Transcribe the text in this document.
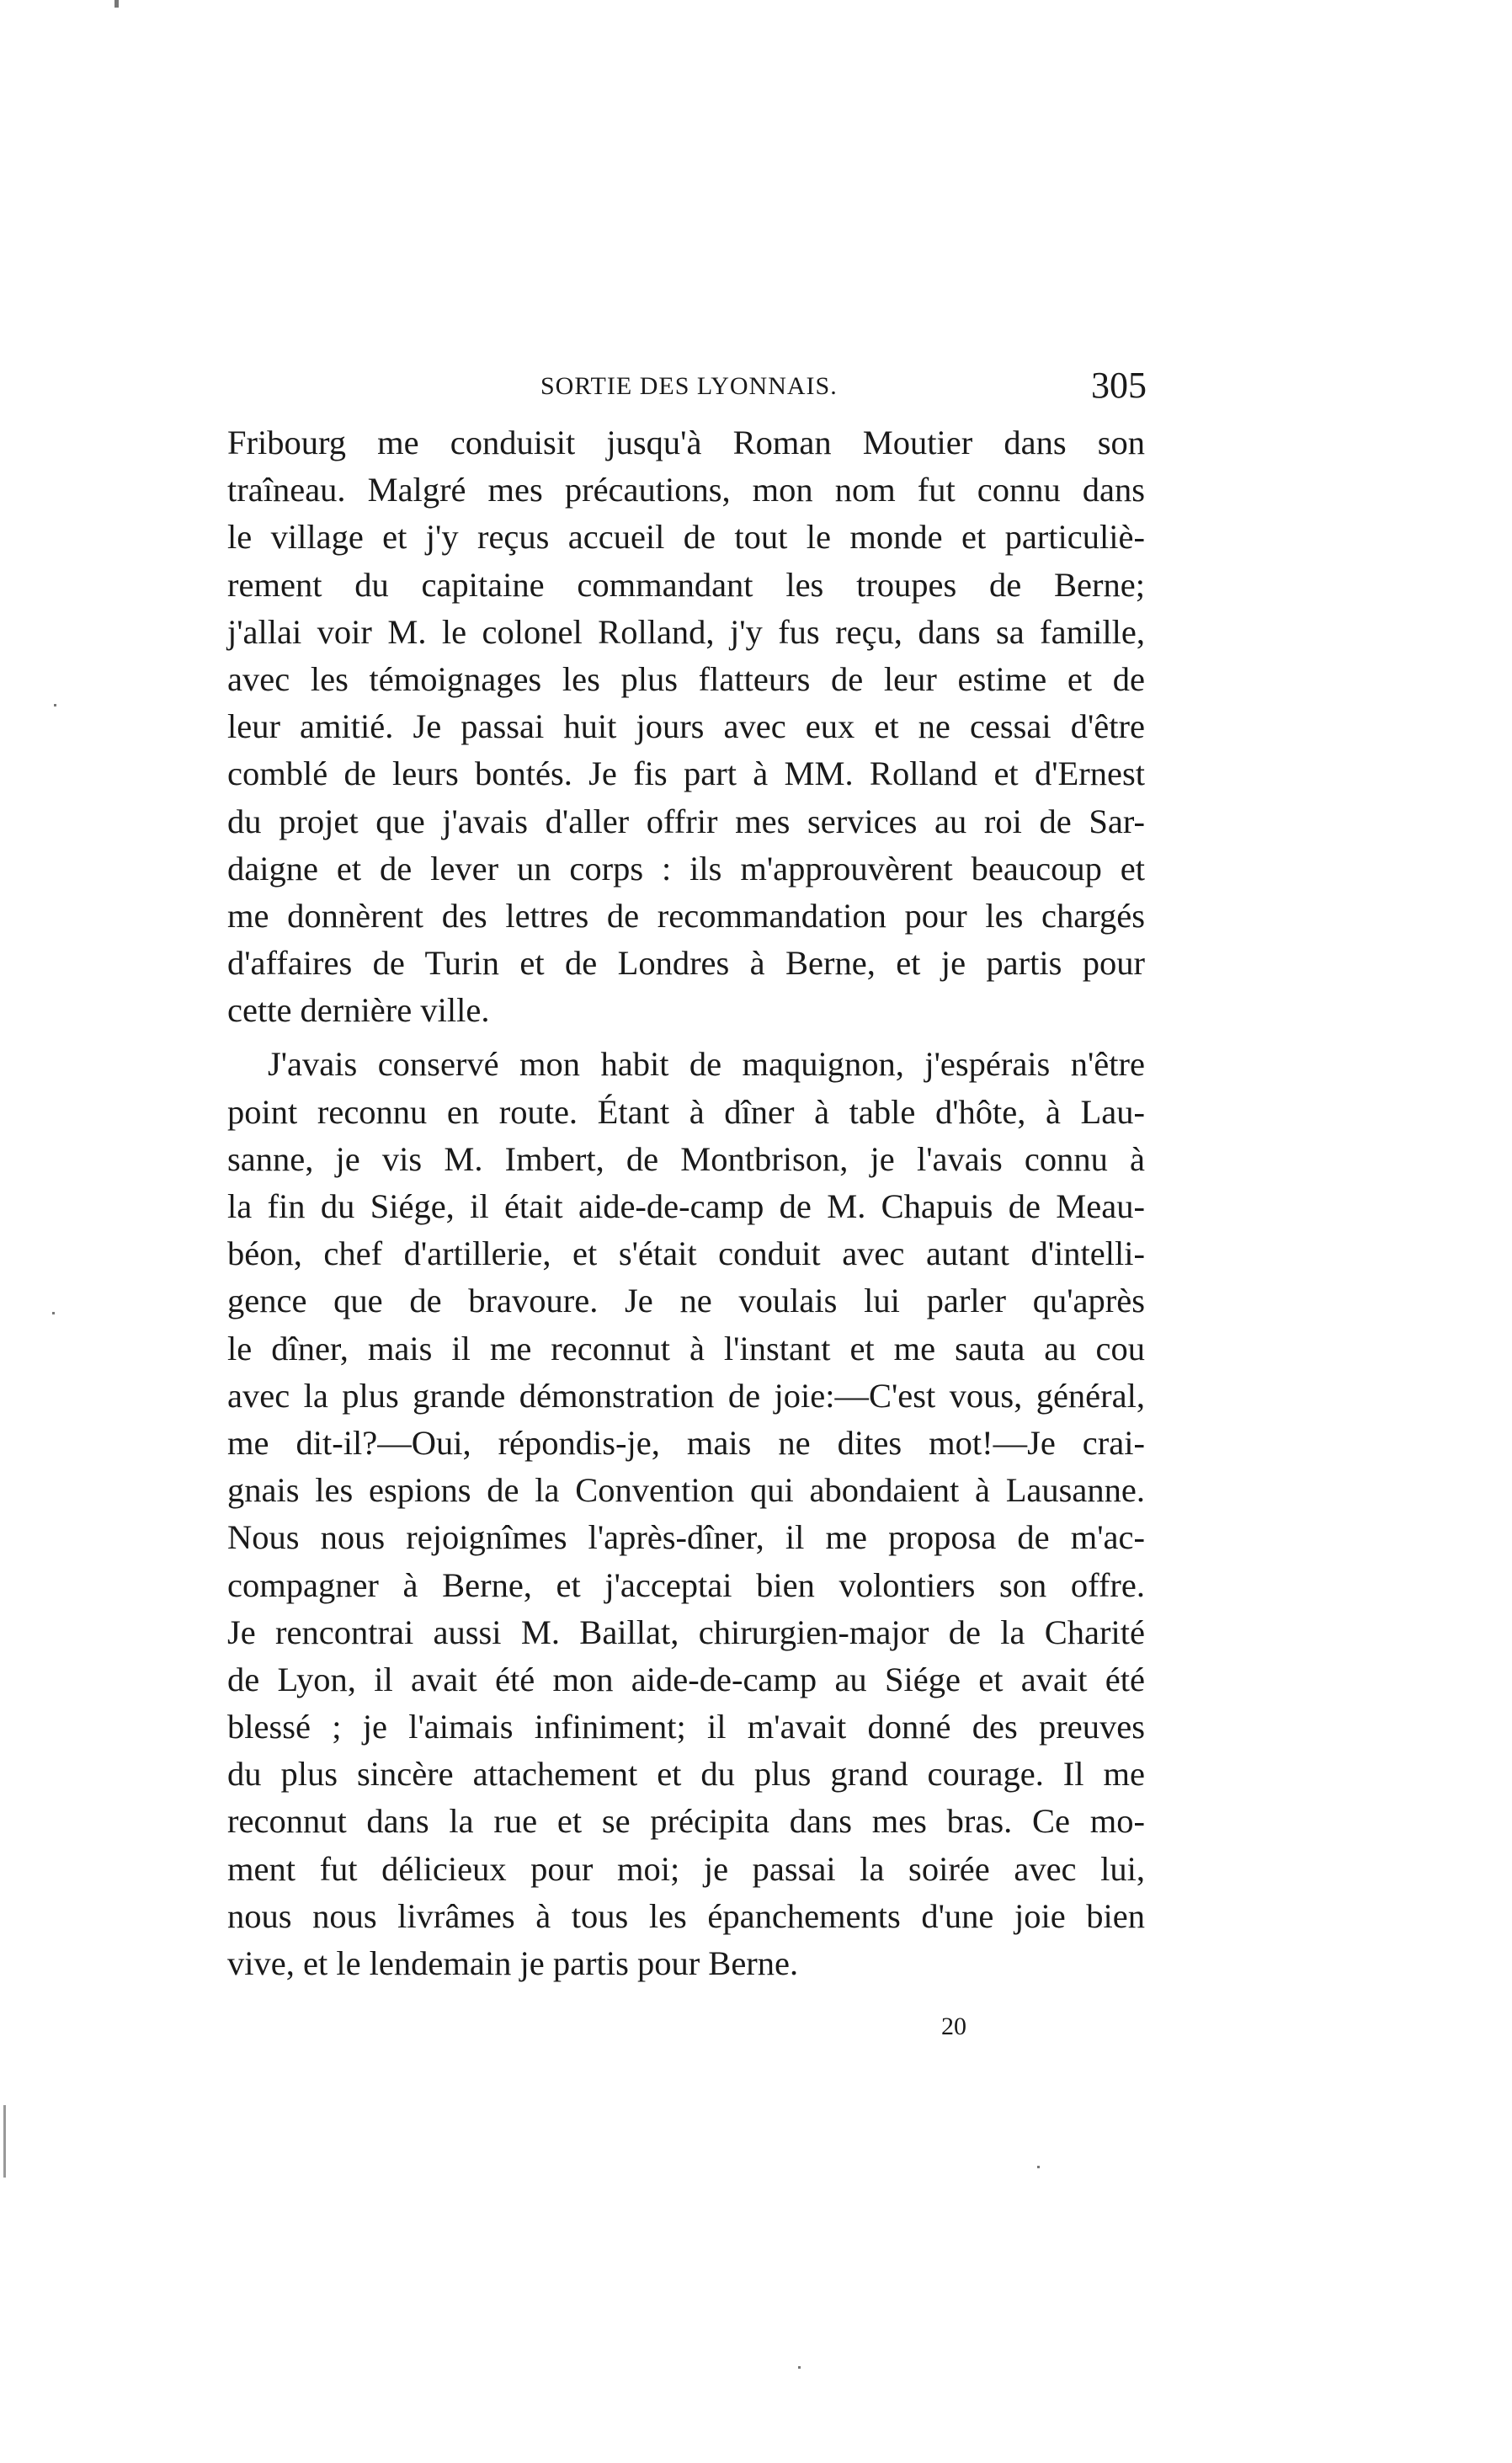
SORTIE DES LYONNAIS.	305
Fribourg me conduisit jusqu'à Roman Moutier dans son
traîneau. Malgré mes précautions, mon nom fut connu dans
le village et j'y reçus accueil de tout le monde et particuliè-
rement du capitaine commandant les troupes de Berne;
j'allai voir M. le colonel Rolland, j'y fus reçu, dans sa famille,
avec les témoignages les plus flatteurs de leur estime et de
leur amitié. Je passai huit jours avec eux et ne cessai d'être
comblé de leurs bontés. Je fis part à MM. Rolland et d'Ernest
du projet que j'avais d'aller offrir mes services au roi de Sar-
daigne et de lever un corps : ils m'approuvèrent beaucoup et
me donnèrent des lettres de recommandation pour les chargés
d'affaires de Turin et de Londres à Berne, et je partis pour
cette dernière ville.
J'avais conservé mon habit de maquignon, j'espérais n'être
point reconnu en route. Étant à dîner à table d'hôte, à Lau-
sanne, je vis M. Imbert, de Montbrison, je l'avais connu à
la fin du Siége, il était aide-de-camp de M. Chapuis de Meau-
béon, chef d'artillerie, et s'était conduit avec autant d'intelli-
gence que de bravoure. Je ne voulais lui parler qu'après
le dîner, mais il me reconnut à l'instant et me sauta au cou
avec la plus grande démonstration de joie:—C'est vous, général,
me dit-il?—Oui, répondis-je, mais ne dites mot!—Je crai-
gnais les espions de la Convention qui abondaient à Lausanne.
Nous nous rejoignîmes l'après-dîner, il me proposa de m'ac-
compagner à Berne, et j'acceptai bien volontiers son offre.
Je rencontrai aussi M. Baillat, chirurgien-major de la Charité
de Lyon, il avait été mon aide-de-camp au Siége et avait été
blessé ; je l'aimais infiniment; il m'avait donné des preuves
du plus sincère attachement et du plus grand courage. Il me
reconnut dans la rue et se précipita dans mes bras. Ce mo-
ment fut délicieux pour moi; je passai la soirée avec lui,
nous nous livrâmes à tous les épanchements d'une joie bien
vive, et le lendemain je partis pour Berne.
20
